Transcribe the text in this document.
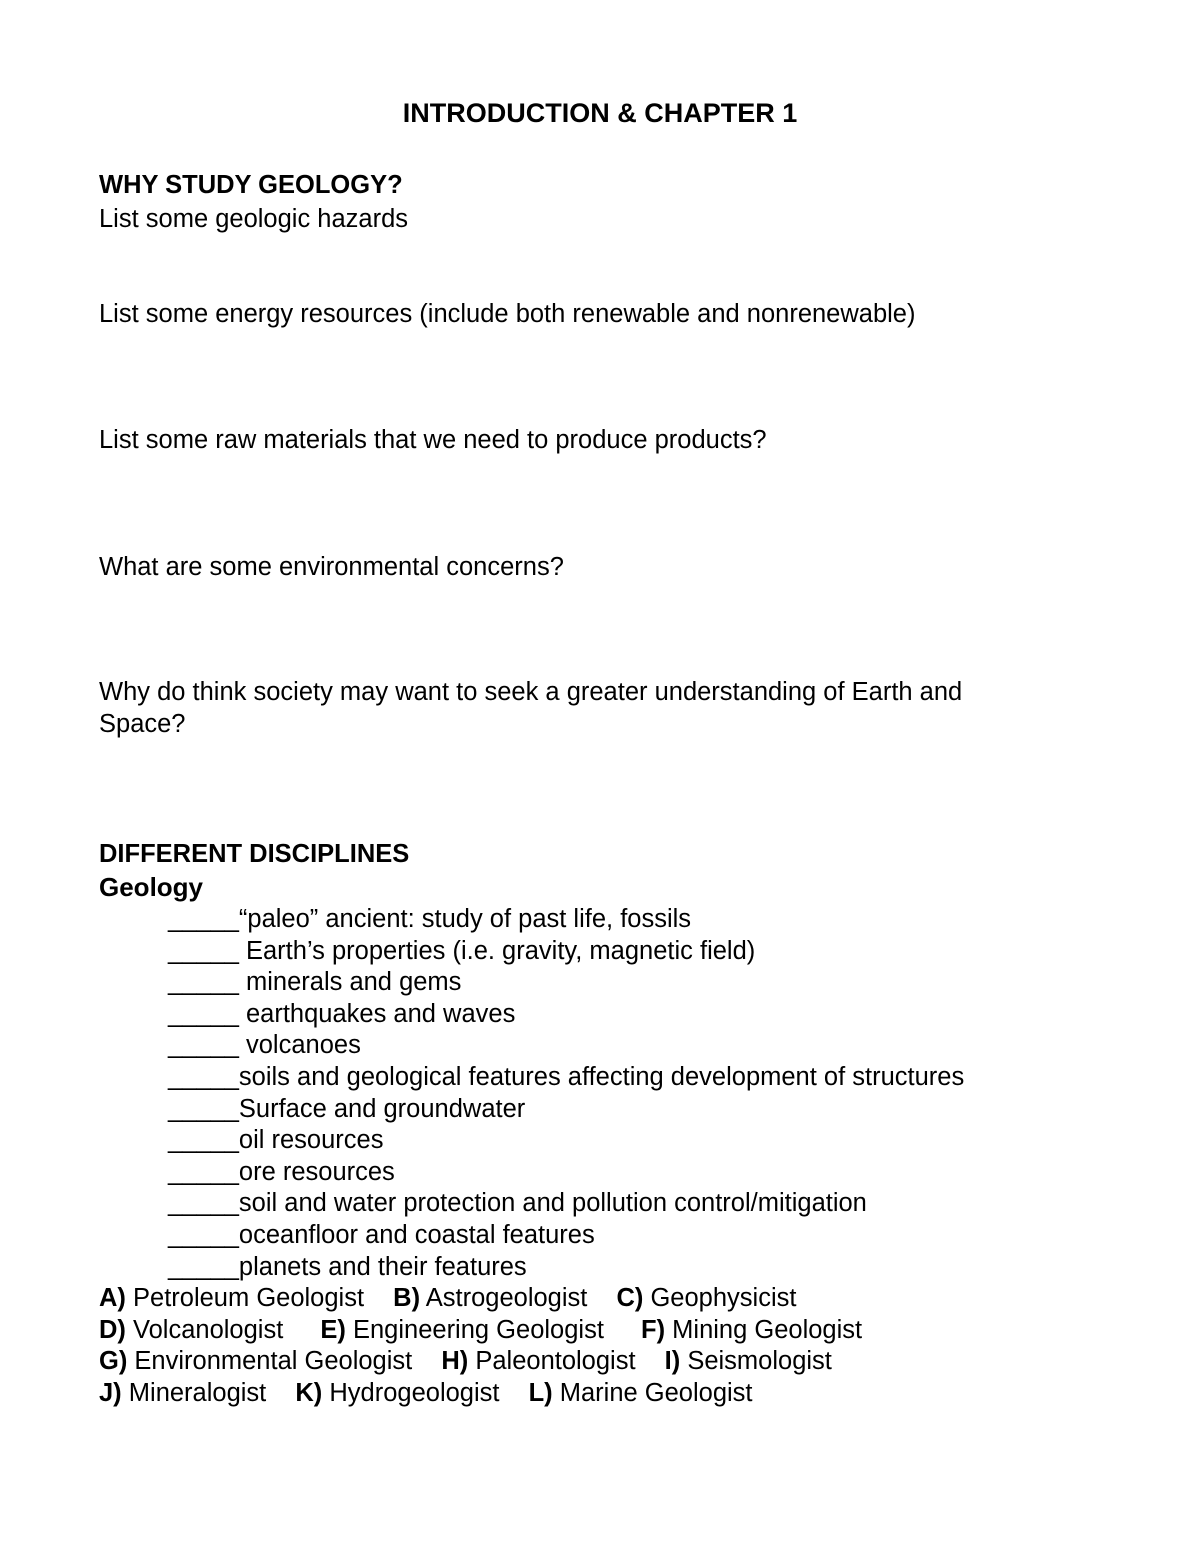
INTRODUCTION & CHAPTER 1
WHY STUDY GEOLOGY?
List some geologic hazards
List some energy resources (include both renewable and nonrenewable)
List some raw materials that we need to produce products?
What are some environmental concerns?
Why do think society may want to seek a greater understanding of Earth and Space?
DIFFERENT DISCIPLINES
Geology
_____“paleo” ancient: study of past life, fossils
_____ Earth’s properties (i.e. gravity, magnetic field)
_____ minerals and gems
_____ earthquakes and waves
_____ volcanoes
_____soils and geological features affecting development of structures
_____Surface and groundwater
_____oil resources
_____ore resources
_____soil and water protection and pollution control/mitigation
_____oceanfloor and coastal features
_____planets and their features
A) Petroleum Geologist B) Astrogeologist C) Geophysicist
D) Volcanologist E) Engineering Geologist F) Mining Geologist
G) Environmental Geologist H) Paleontologist I) Seismologist
J) Mineralogist K) Hydrogeologist L) Marine Geologist
